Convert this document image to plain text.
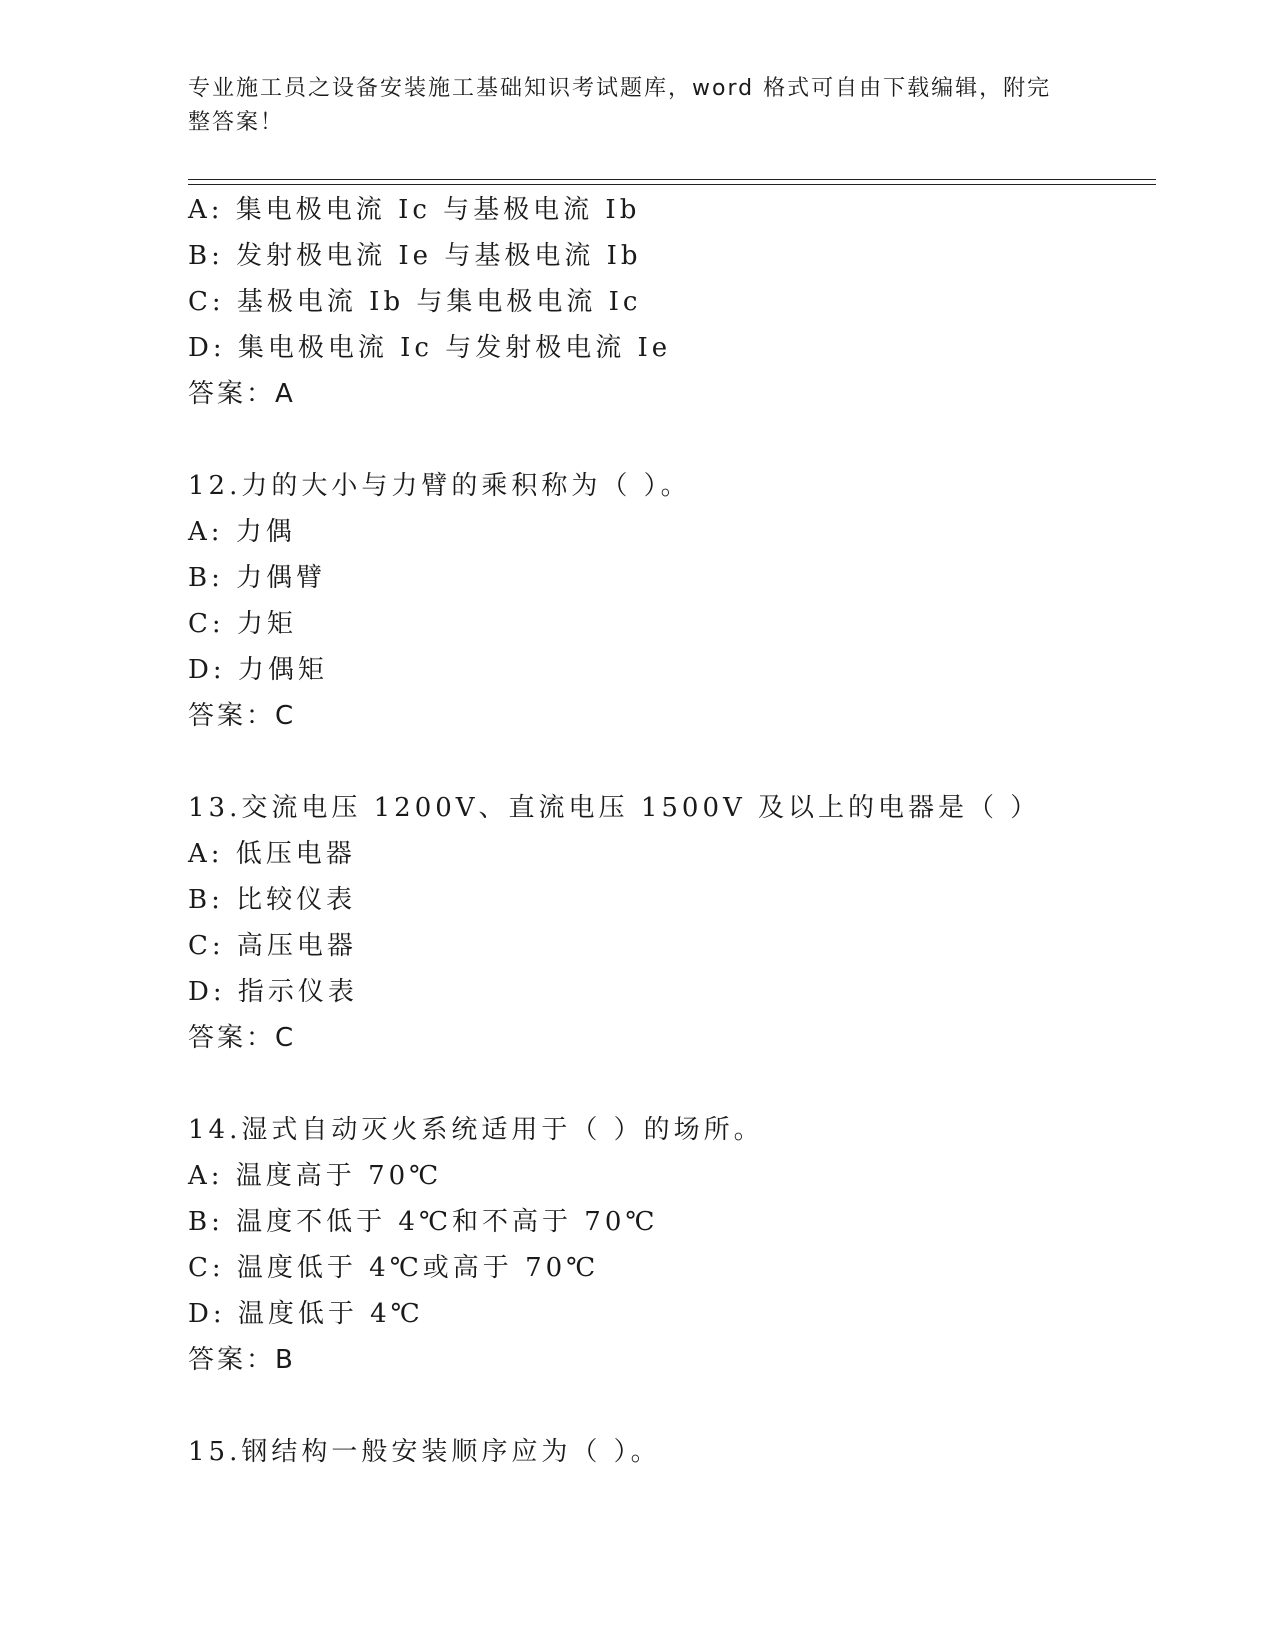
专业施工员之设备安装施工基础知识考试题库，word 格式可自由下载编辑，附完整答案！
A: 集电极电流 Ic 与基极电流 Ib
B: 发射极电流 Ie 与基极电流 Ib
C: 基极电流 Ib 与集电极电流 Ic
D: 集电极电流 Ic 与发射极电流 Ie
答案：A
12.力的大小与力臂的乘积称为（ ）。
A: 力偶
B: 力偶臂
C: 力矩
D: 力偶矩
答案：C
13.交流电压 1200V、直流电压 1500V 及以上的电器是（ ）
A: 低压电器
B: 比较仪表
C: 高压电器
D: 指示仪表
答案：C
14.湿式自动灭火系统适用于（ ）的场所。
A: 温度高于 70℃
B: 温度不低于 4℃和不高于 70℃
C: 温度低于 4℃或高于 70℃
D: 温度低于 4℃
答案：B
15.钢结构一般安装顺序应为（ ）。
